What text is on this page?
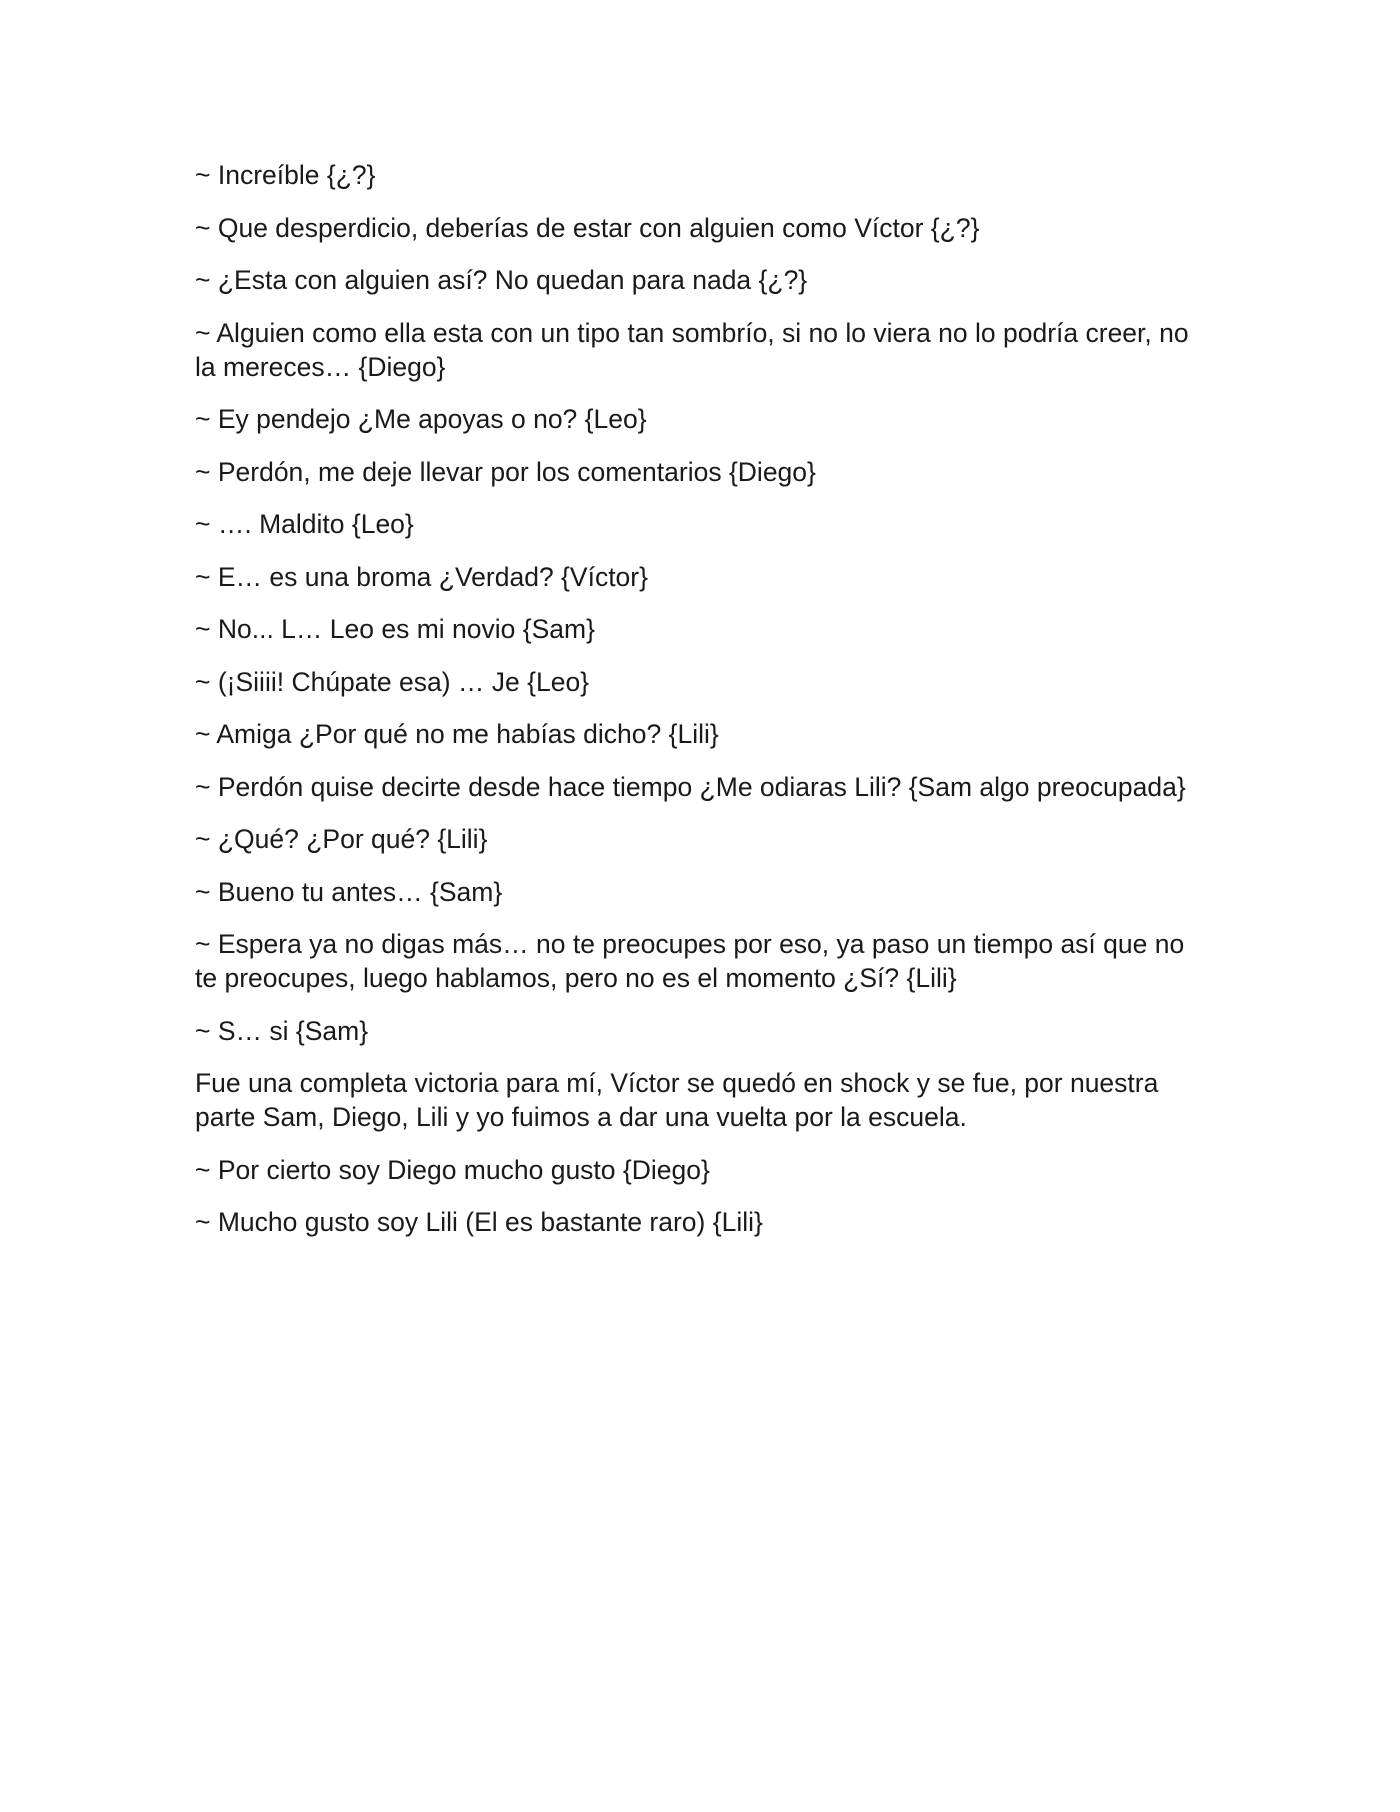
~ Increíble {¿?}

~ Que desperdicio, deberías de estar con alguien como Víctor {¿?}

~ ¿Esta con alguien así? No quedan para nada {¿?}

~ Alguien como ella esta con un tipo tan sombrío, si no lo viera no lo podría creer, no la mereces… {Diego}

~ Ey pendejo ¿Me apoyas o no? {Leo}

~ Perdón, me deje llevar por los comentarios {Diego}

~ …. Maldito {Leo}

~ E… es una broma ¿Verdad? {Víctor}

~ No... L… Leo es mi novio {Sam}

~ (¡Siiii! Chúpate esa) … Je {Leo}

~ Amiga ¿Por qué no me habías dicho? {Lili}

~ Perdón quise decirte desde hace tiempo ¿Me odiaras Lili? {Sam algo preocupada}

~ ¿Qué? ¿Por qué? {Lili}

~ Bueno tu antes… {Sam}

~ Espera ya no digas más… no te preocupes por eso, ya paso un tiempo así que no te preocupes, luego hablamos, pero no es el momento ¿Sí? {Lili}

~ S… si {Sam}

Fue una completa victoria para mí, Víctor se quedó en shock y se fue, por nuestra parte Sam, Diego, Lili y yo fuimos a dar una vuelta por la escuela.

~ Por cierto soy Diego mucho gusto {Diego}

~ Mucho gusto soy Lili (El es bastante raro) {Lili}
